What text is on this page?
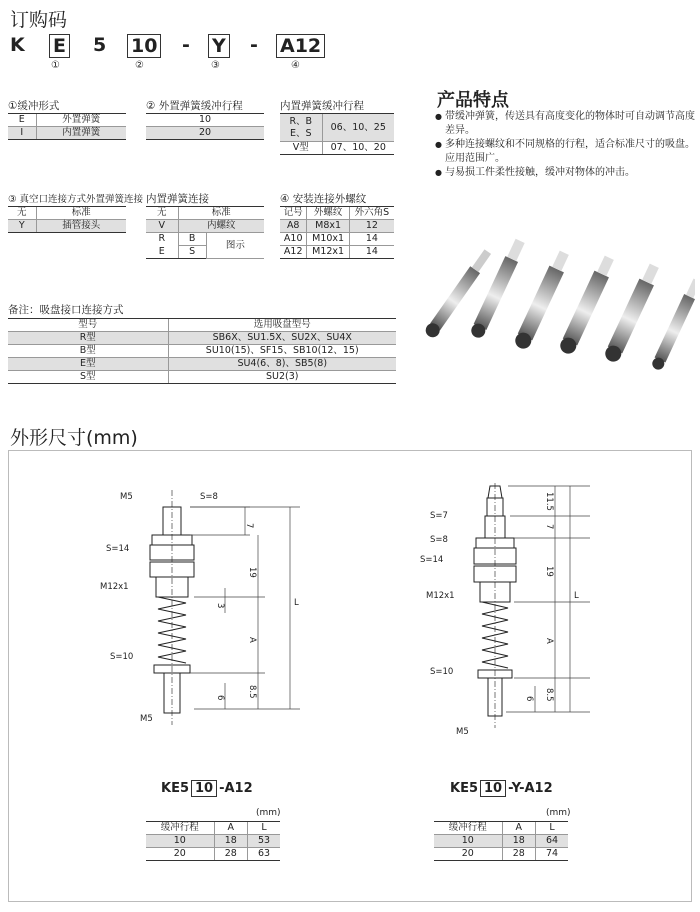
订购码
K E 5 10 - Y - A12
①	②	③	④
①缓冲形式
E	外置弹簧
I	内置弹簧
② 外置弹簧缓冲行程
10
20
内置弹簧缓冲行程
R、B
E、S	06、10、25
V型	07、10、20
③ 真空口连接方式外置弹簧连接
无	标准
Y	插管接头
内置弹簧连接
无	标准	
V	内螺纹	
R	B	图示
E	S	
④ 安装连接外螺纹
记号	外螺纹	外六角S
A8	M8x1	12
A10	M10x1	14
A12	M12x1	14
备注：吸盘接口连接方式
型号	选用吸盘型号
R型	SB6X、SU1.5X、SU2X、SU4X
B型	SU10(15)、SF15、SB10(12、15)
E型	SU4(6、8)、SB5(8)
S型	SU2(3)
产品特点
● 带缓冲弹簧，传送具有高度变化的物体时可自动调节高度差异。
● 多种连接螺纹和不同规格的行程，适合标准尺寸的吸盘。应用范围广。
● 与易损工件柔性接触，缓冲对物体的冲击。
外形尺寸(mm)
7
19
3
A
8.5
6
L
M5	S=8
S=14
M12x1
S=10
M5
11.5
7
19
A
8.5
6
L
S=7
S=8
S=14
M12x1
S=10
M5
KE5 10 -A12	KE5 10 -Y-A12
(mm)
缓冲行程	A	L
10	18	53
20	28	63
(mm)
缓冲行程	A	L
10	18	64
20	28	74
